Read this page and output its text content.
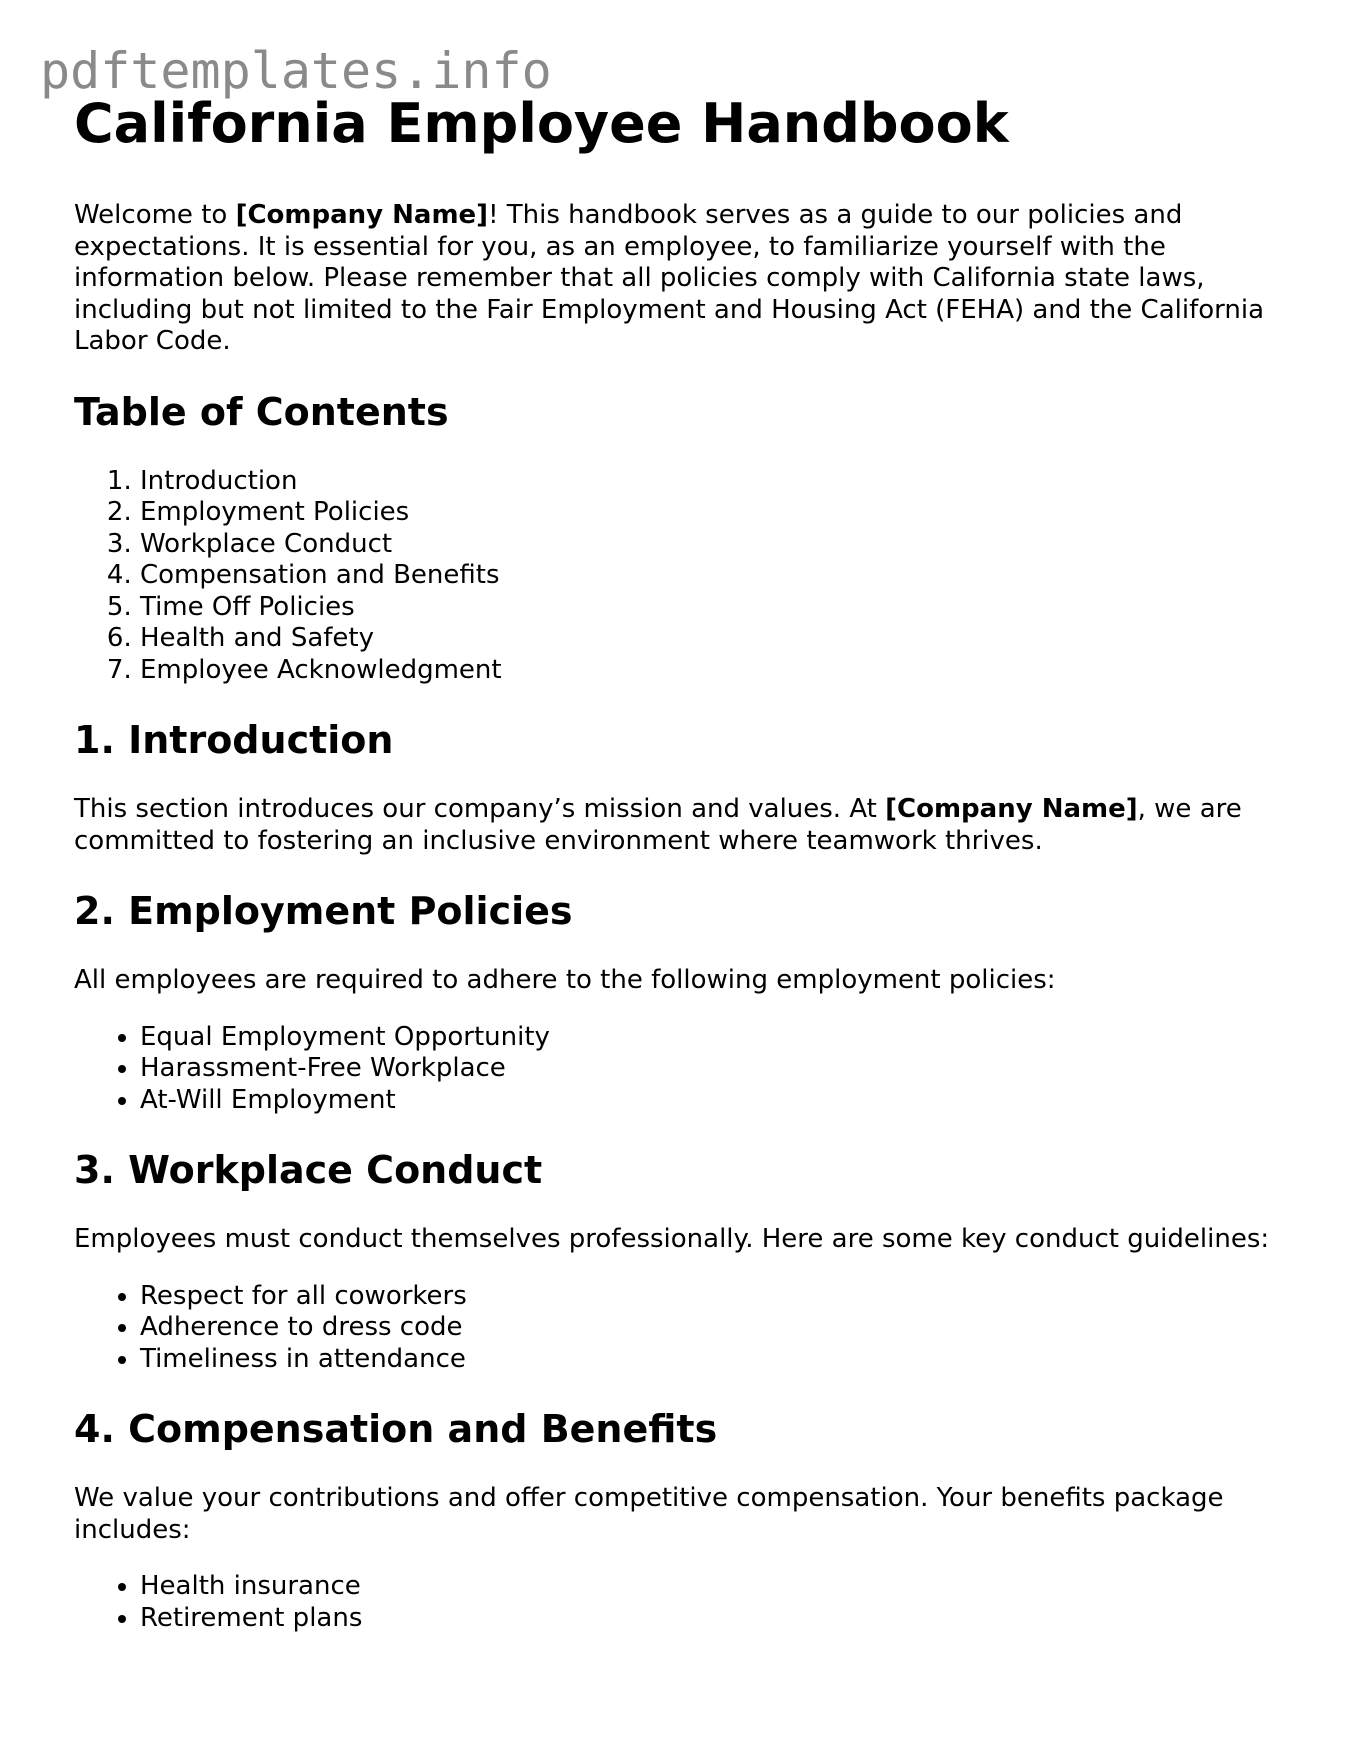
pdftemplates.info
California Employee Handbook

Welcome to [Company Name]! This handbook serves as a guide to our policies and expectations. It is essential for you, as an employee, to familiarize yourself with the information below. Please remember that all policies comply with California state laws, including but not limited to the Fair Employment and Housing Act (FEHA) and the California Labor Code.

Table of Contents
1. Introduction
2. Employment Policies
3. Workplace Conduct
4. Compensation and Benefits
5. Time Off Policies
6. Health and Safety
7. Employee Acknowledgment
1. Introduction

This section introduces our company’s mission and values. At [Company Name], we are committed to fostering an inclusive environment where teamwork thrives.

2. Employment Policies

All employees are required to adhere to the following employment policies:

• Equal Employment Opportunity
• Harassment-Free Workplace
• At-Will Employment
3. Workplace Conduct

Employees must conduct themselves professionally. Here are some key conduct guidelines:

• Respect for all coworkers
• Adherence to dress code
• Timeliness in attendance
4. Compensation and Benefits

We value your contributions and offer competitive compensation. Your benefits package includes:

• Health insurance
• Retirement plans
